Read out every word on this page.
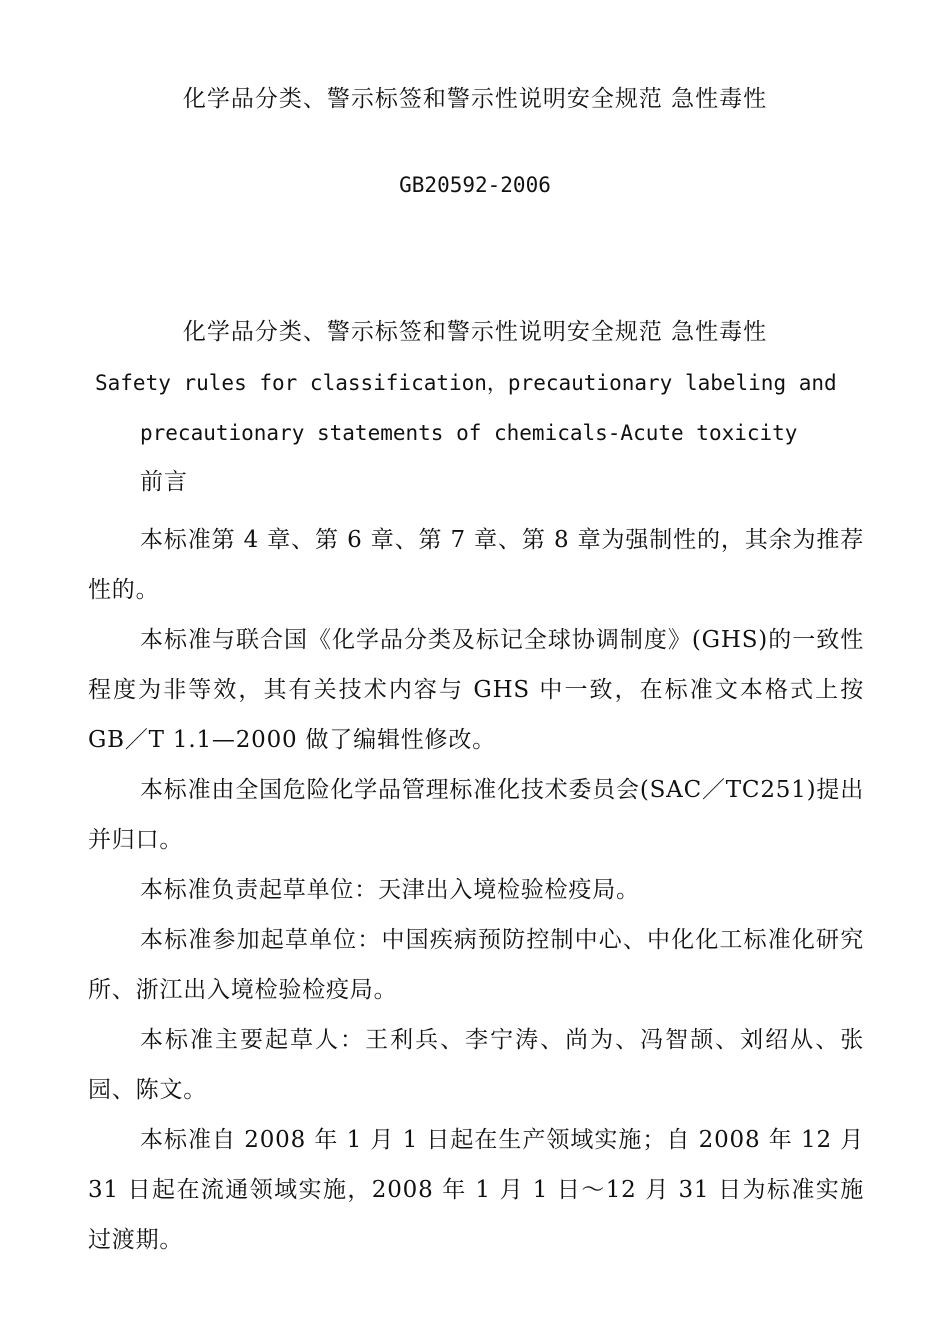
化学品分类、警示标签和警示性说明安全规范 急性毒性
GB20592-2006
化学品分类、警示标签和警示性说明安全规范 急性毒性
Safety rules for classification，precautionary labeling and
precautionary statements of chemicals-Acute toxicity
前言

本标准第 4 章、第 6 章、第 7 章、第 8 章为强制性的，其余为推荐性的。

本标准与联合国《化学品分类及标记全球协调制度》(GHS)的一致性程度为非等效，其有关技术内容与 GHS 中一致，在标准文本格式上按 GB／T 1.1—2000 做了编辑性修改。

本标准由全国危险化学品管理标准化技术委员会(SAC／TC251)提出并归口。

本标准负责起草单位：天津出入境检验检疫局。

本标准参加起草单位：中国疾病预防控制中心、中化化工标准化研究所、浙江出入境检验检疫局。

本标准主要起草人：王利兵、李宁涛、尚为、冯智颉、刘绍从、张园、陈文。

本标准自 2008 年 1 月 1 日起在生产领域实施；自 2008 年 12 月 31 日起在流通领域实施，2008 年 1 月 1 日～12 月 31 日为标准实施过渡期。
